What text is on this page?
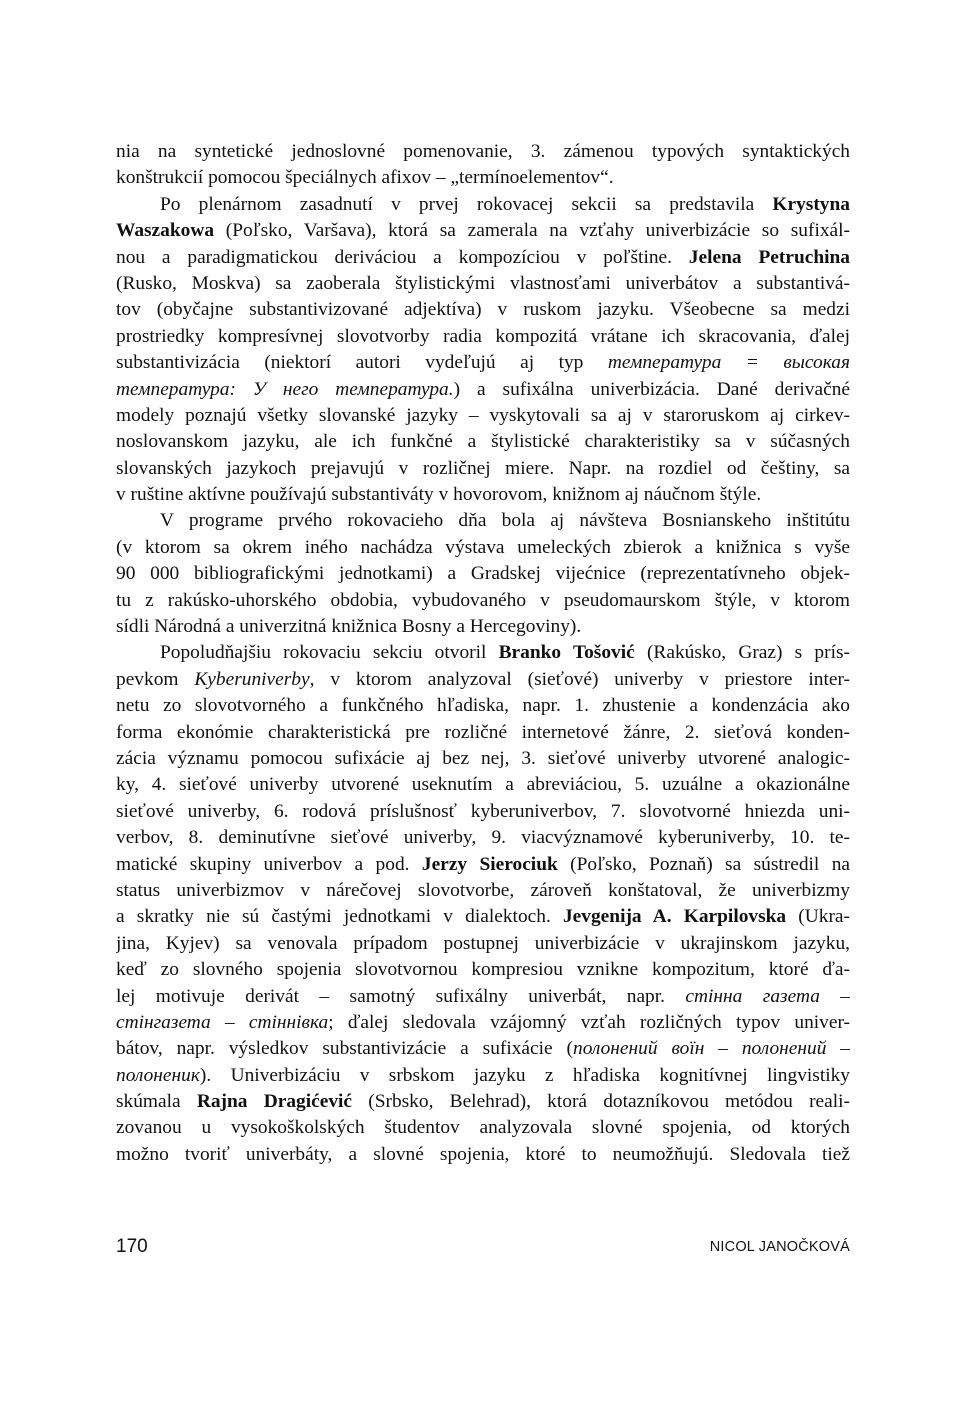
nia na syntetické jednoslovné pomenovanie, 3. zámenou typových syntaktických
konštrukcií pomocou špeciálnych afixov – „termínoelementov“.
Po plenárnom zasadnutí v prvej rokovacej sekcii sa predstavila Krystyna
Waszakowa (Poľsko, Varšava), ktorá sa zamerala na vzťahy univerbizácie so sufixál-
nou a paradigmatickou deriváciou a kompozíciou v poľštine. Jelena Petruchina
(Rusko, Moskva) sa zaoberala štylistickými vlastnosťami univerbátov a substantivá-
tov (obyčajne substantivizované adjektíva) v ruskom jazyku. Všeobecne sa medzi
prostriedky kompresívnej slovotvorby radia kompozitá vrátane ich skracovania, ďalej
substantivizácia (niektorí autori vydeľujú aj typ температура = высокая
температура: У него температура.) a sufixálna univerbizácia. Dané derivačné
modely poznajú všetky slovanské jazyky – vyskytovali sa aj v staroruskom aj cirkev-
noslovanskom jazyku, ale ich funkčné a štylistické charakteristiky sa v súčasných
slovanských jazykoch prejavujú v rozličnej miere. Napr. na rozdiel od češtiny, sa
v ruštine aktívne používajú substantiváty v hovorovom, knižnom aj náučnom štýle.
V programe prvého rokovacieho dňa bola aj návšteva Bosnianskeho inštitútu
(v ktorom sa okrem iného nachádza výstava umeleckých zbierok a knižnica s vyše
90 000 bibliografickými jednotkami) a Gradskej vijećnice (reprezentatívneho objek-
tu z rakúsko-uhorského obdobia, vybudovaného v pseudomaurskom štýle, v ktorom
sídli Národná a univerzitná knižnica Bosny a Hercegoviny).
Popoludňajšiu rokovaciu sekciu otvoril Branko Tošović (Rakúsko, Graz) s prís-
pevkom Kyberuniverby, v ktorom analyzoval (sieťové) univerby v priestore inter-
netu zo slovotvorného a funkčného hľadiska, napr. 1. zhustenie a kondenzácia ako
forma ekonómie charakteristická pre rozličné internetové žánre, 2. sieťová konden-
zácia významu pomocou sufixácie aj bez nej, 3. sieťové univerby utvorené analogic-
ky, 4. sieťové univerby utvorené useknutím a abreviáciou, 5. uzuálne a okazionálne
sieťové univerby, 6. rodová príslušnosť kyberuniverbov, 7. slovotvorné hniezda uni-
verbov, 8. deminutívne sieťové univerby, 9. viacvýznamové kyberuniverby, 10. te-
matické skupiny univerbov a pod. Jerzy Sierociuk (Poľsko, Poznaň) sa sústredil na
status univerbizmov v nárečovej slovotvorbe, zároveň konštatoval, že univerbizmy
a skratky nie sú častými jednotkami v dialektoch. Jevgenija A. Karpilovska (Ukra-
jina, Kyjev) sa venovala prípadom postupnej univerbizácie v ukrajinskom jazyku,
keď zo slovného spojenia slovotvornou kompresiou vznikne kompozitum, ktoré ďa-
lej motivuje derivát – samotný sufixálny univerbát, napr. стінна газета –
стінгазета – стіннівка; ďalej sledovala vzájomný vzťah rozličných typov univer-
bátov, napr. výsledkov substantivizácie a sufixácie (полонений воїн – полонений –
полоненик). Univerbizáciu v srbskom jazyku z hľadiska kognitívnej lingvistiky
skúmala Rajna Dragićević (Srbsko, Belehrad), ktorá dotazníkovou metódou reali-
zovanou u vysokoškolských študentov analyzovala slovné spojenia, od ktorých
možno tvoriť univerbáty, a slovné spojenia, ktoré to neumožňujú. Sledovala tiež
170	NICOL JANOČKOVÁ
